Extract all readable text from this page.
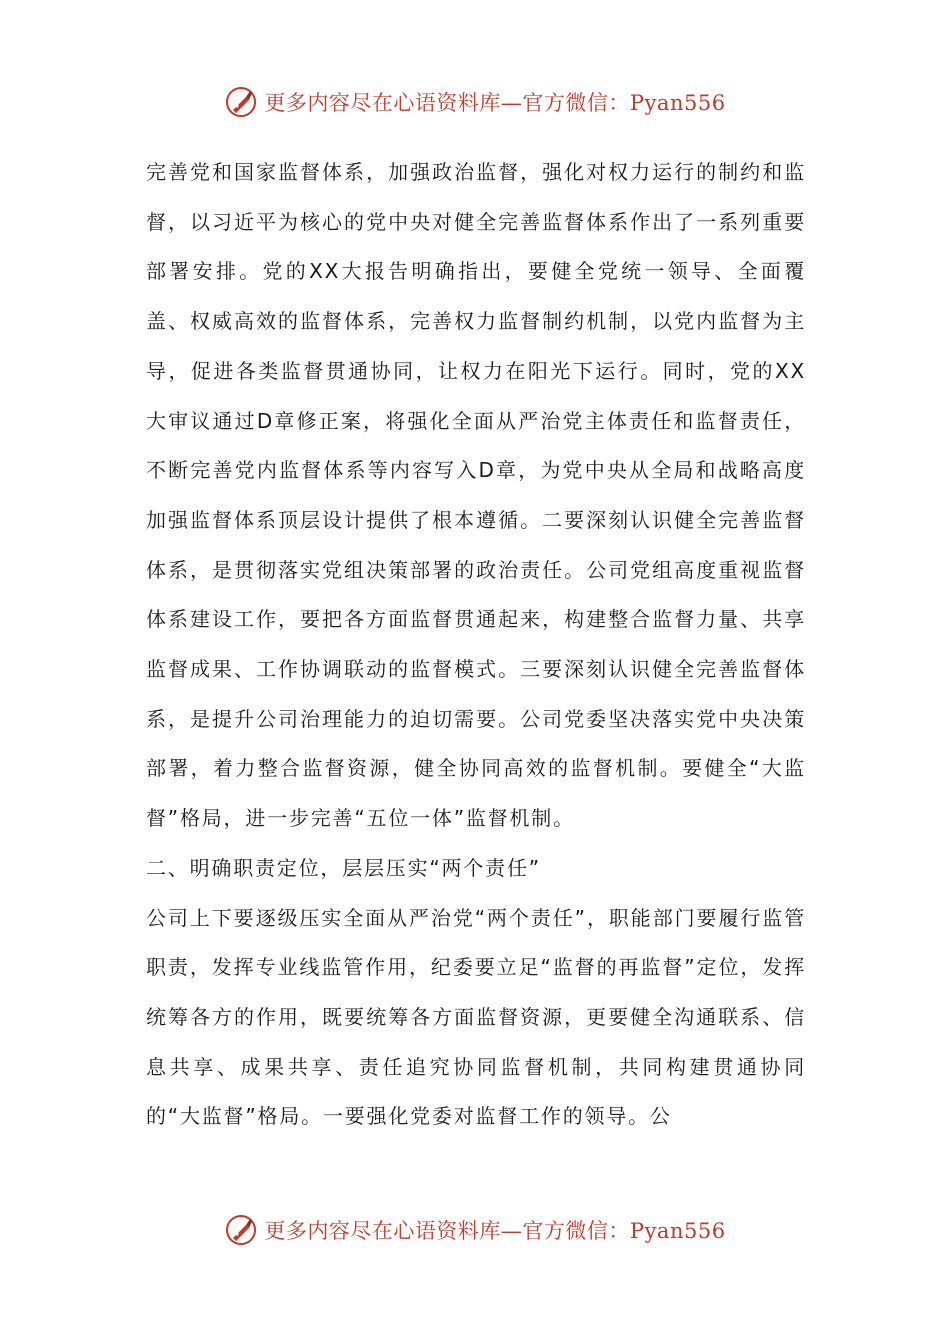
更多内容尽在心语资料库—官方微信：Pyan556

完善党和国家监督体系，加强政治监督，强化对权力运行的制约和监督，以习近平为核心的党中央对健全完善监督体系作出了一系列重要部署安排。党的XX大报告明确指出，要健全党统一领导、全面覆盖、权威高效的监督体系，完善权力监督制约机制，以党内监督为主导，促进各类监督贯通协同，让权力在阳光下运行。同时，党的XX大审议通过D章修正案，将强化全面从严治党主体责任和监督责任，不断完善党内监督体系等内容写入D章，为党中央从全局和战略高度加强监督体系顶层设计提供了根本遵循。二要深刻认识健全完善监督体系，是贯彻落实党组决策部署的政治责任。公司党组高度重视监督体系建设工作，要把各方面监督贯通起来，构建整合监督力量、共享监督成果、工作协调联动的监督模式。三要深刻认识健全完善监督体系，是提升公司治理能力的迫切需要。公司党委坚决落实党中央决策部署，着力整合监督资源，健全协同高效的监督机制。要健全“大监督”格局，进一步完善“五位一体”监督机制。

二、明确职责定位，层层压实“两个责任”

公司上下要逐级压实全面从严治党“两个责任”，职能部门要履行监管职责，发挥专业线监管作用，纪委要立足“监督的再监督”定位，发挥统筹各方的作用，既要统筹各方面监督资源，更要健全沟通联系、信息共享、成果共享、责任追究协同监督机制，共同构建贯通协同的“大监督”格局。一要强化党委对监督工作的领导。公

更多内容尽在心语资料库—官方微信：Pyan556
